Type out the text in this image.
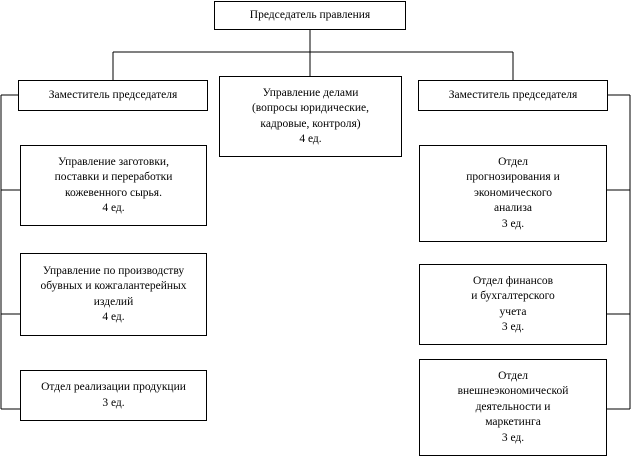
Председатель правления
Заместитель председателя	Управление делами
(вопросы юридические,
кадровые, контроля)
4 ед.
Заместитель председателя
Управление заготовки,
поставки и переработки
кожевенного сырья.
4 ед.
Управление по производству
обувных и кожгалантерейных
изделий
4 ед.
Отдел реализации продукции
3 ед.
Отдел
прогнозирования и
экономического
анализа
3 ед.
Отдел финансов
и бухгалтерского
учета
3 ед.
Отдел
внешнеэкономической
деятельности и
маркетинга
3 ед.
